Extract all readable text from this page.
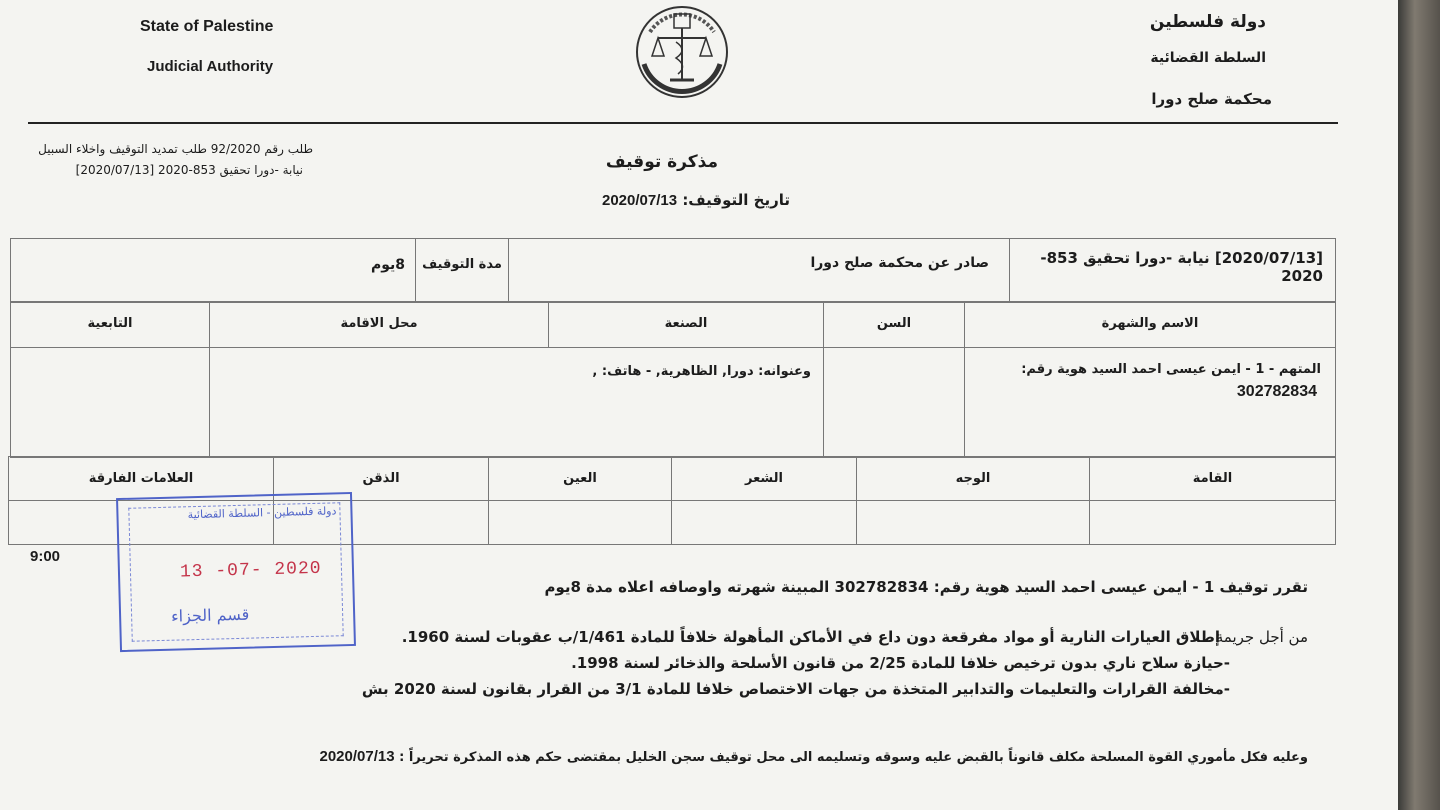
State of Palestine
Judicial Authority
دولة فلسطين
السلطة القضائية
محكمة صلح دورا
طلب رقم 92/2020 طلب تمديد التوقيف واخلاء السبيل
نيابة -دورا تحقيق 853-2020 [2020/07/13]	مذكرة توقيف
تاريخ التوقيف: 2020/07/13
8يوم	مدة التوقيف	صادر عن محكمة صلح دورا	[2020/07/13] نيابة -دورا تحقيق 853-2020
التابعية	محل الاقامة	الصنعة	السن	الاسم والشهرة

	وعنوانه: دورا, الظاهرية, - هاتف: ,			المتهم - 1 - ايمن عيسى احمد السيد هوية رقم:
302782834
العلامات الفارقة	الذقن	العين	الشعر	الوجه	القامة

9:00
دولة فلسطين - السلطة القضائية
13 -07- 2020
قسم الجزاء
تقرر توقيف 1 - ايمن عيسى احمد السيد هوية رقم: 302782834 المبينة شهرته واوصافه اعلاه مدة 8يوم
من أجل جريمة
إطلاق العيارات النارية أو مواد مفرقعة دون داع في الأماكن المأهولة خلافاً للمادة 1/461/ب عقوبات لسنة 1960.
-حيازة سلاح ناري بدون ترخيص خلافا للمادة 2/25 من قانون الأسلحة والذخائر لسنة 1998.
-مخالفة القرارات والتعليمات والتدابير المتخذة من جهات الاختصاص خلافا للمادة 3/1 من القرار بقانون لسنة 2020 بش
وعليه فكل مأموري القوة المسلحة مكلف قانوناً بالقبض عليه وسوقه وتسليمه الى محل توقيف سجن الخليل بمقتضى حكم هذه المذكرة تحريراً : 2020/07/13
